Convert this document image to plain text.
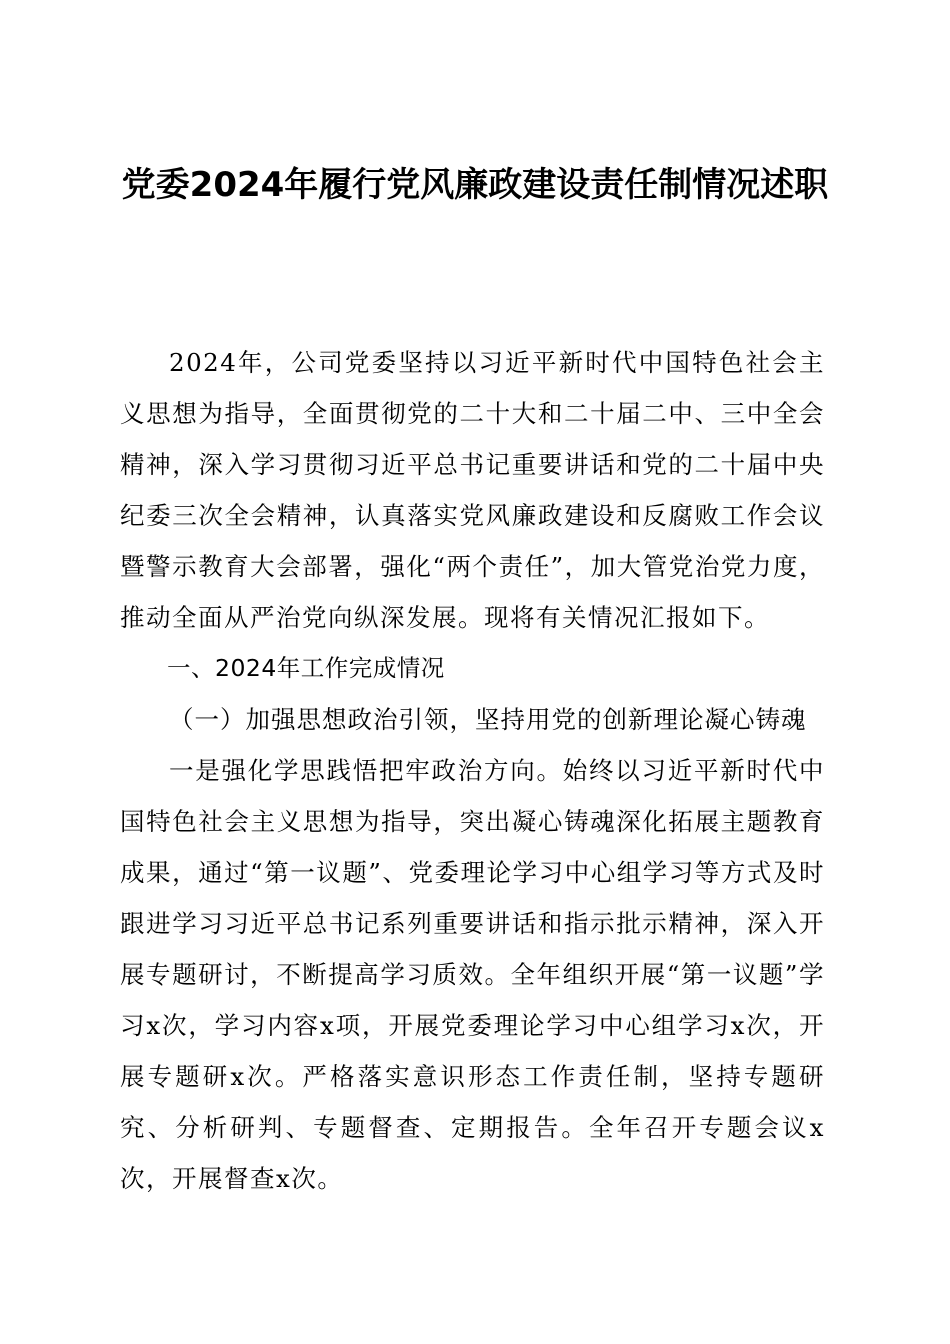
党委2024年履行党风廉政建设责任制情况述职

2024年，公司党委坚持以习近平新时代中国特色社会主义思想为指导，全面贯彻党的二十大和二十届二中、三中全会精神，深入学习贯彻习近平总书记重要讲话和党的二十届中央纪委三次全会精神，认真落实党风廉政建设和反腐败工作会议暨警示教育大会部署，强化“两个责任”，加大管党治党力度，推动全面从严治党向纵深发展。现将有关情况汇报如下。

一、2024年工作完成情况

（一）加强思想政治引领，坚持用党的创新理论凝心铸魂

一是强化学思践悟把牢政治方向。始终以习近平新时代中国特色社会主义思想为指导，突出凝心铸魂深化拓展主题教育成果，通过“第一议题”、党委理论学习中心组学习等方式及时跟进学习习近平总书记系列重要讲话和指示批示精神，深入开展专题研讨，不断提高学习质效。全年组织开展“第一议题”学习x次，学习内容x项，开展党委理论学习中心组学习x次，开展专题研x次。严格落实意识形态工作责任制，坚持专题研究、分析研判、专题督查、定期报告。全年召开专题会议x次，开展督查x次。
